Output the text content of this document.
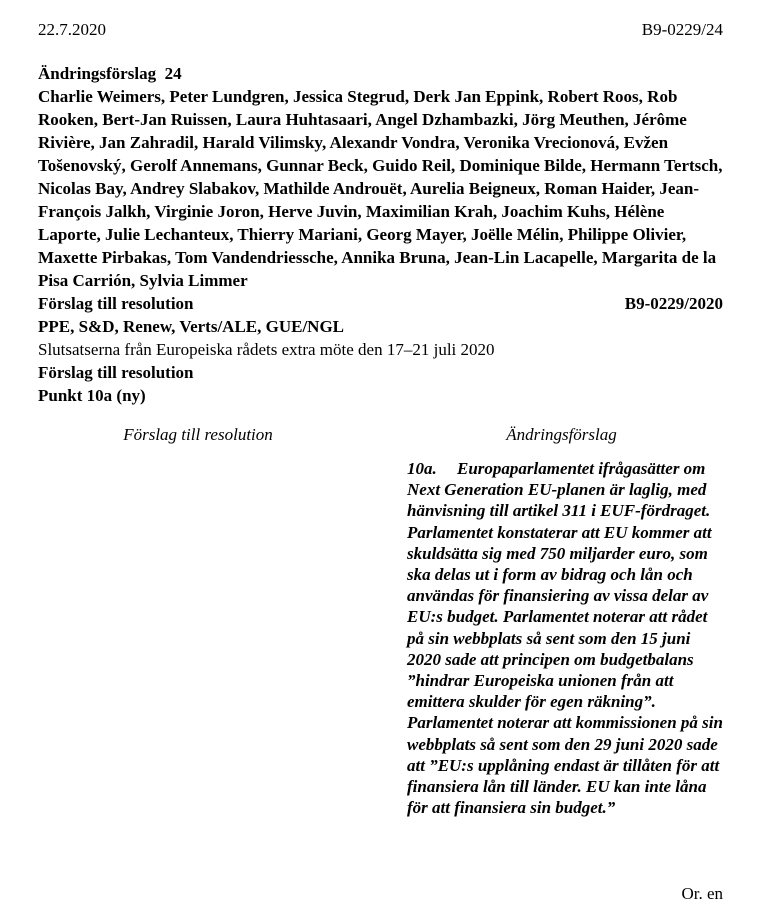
22.7.2020	B9-0229/24
Ändringsförslag  24
Charlie Weimers, Peter Lundgren, Jessica Stegrud, Derk Jan Eppink, Robert Roos, Rob Rooken, Bert-Jan Ruissen, Laura Huhtasaari, Angel Dzhambazki, Jörg Meuthen, Jérôme Rivière, Jan Zahradil, Harald Vilimsky, Alexandr Vondra, Veronika Vrecionová, Evžen Tošenovský, Gerolf Annemans, Gunnar Beck, Guido Reil, Dominique Bilde, Hermann Tertsch, Nicolas Bay, Andrey Slabakov, Mathilde Androuët, Aurelia Beigneux, Roman Haider, Jean-François Jalkh, Virginie Joron, Herve Juvin, Maximilian Krah, Joachim Kuhs, Hélène Laporte, Julie Lechanteux, Thierry Mariani, Georg Mayer, Joëlle Mélin, Philippe Olivier, Maxette Pirbakas, Tom Vandendriessche, Annika Bruna, Jean-Lin Lacapelle, Margarita de la Pisa Carrión, Sylvia Limmer
Förslag till resolution	B9-0229/2020
PPE, S&D, Renew, Verts/ALE, GUE/NGL
Slutsatserna från Europeiska rådets extra möte den 17–21 juli 2020
Förslag till resolution
Punkt 10a (ny)
Förslag till resolution	Ändringsförslag
10a. Europaparlamentet ifrågasätter om Next Generation EU-planen är laglig, med hänvisning till artikel 311 i EUF-fördraget. Parlamentet konstaterar att EU kommer att skuldsätta sig med 750 miljarder euro, som ska delas ut i form av bidrag och lån och användas för finansiering av vissa delar av EU:s budget. Parlamentet noterar att rådet på sin webbplats så sent som den 15 juni 2020 sade att principen om budgetbalans ”hindrar Europeiska unionen från att emittera skulder för egen räkning”. Parlamentet noterar att kommissionen på sin webbplats så sent som den 29 juni 2020 sade att ”EU:s upplåning endast är tillåten för att finansiera lån till länder. EU kan inte låna för att finansiera sin budget.”
Or. en
